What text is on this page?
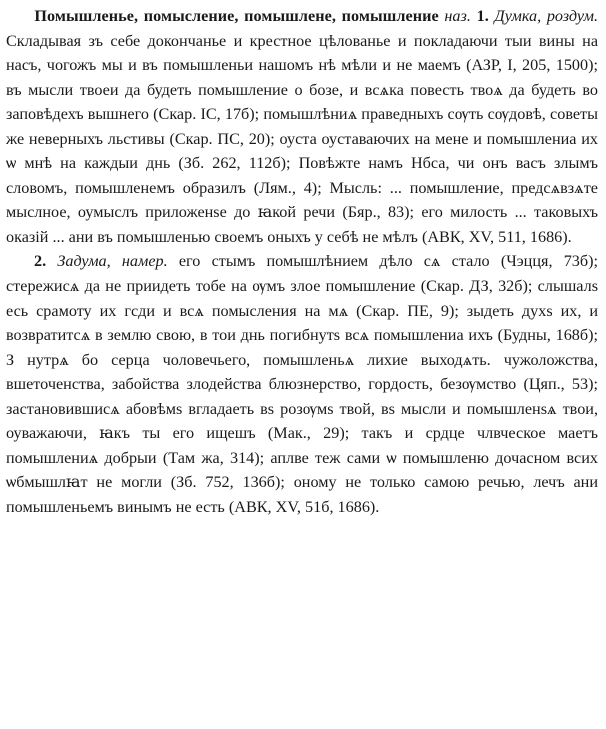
Помышленье, помысление, помышлене, помышление наз. 1. Думка, роздум. Складывая зъ себе докончанье и крестное цѣлованье и покладаючи тыи вины на насъ, чогожъ мы и въ помышленьи нашомъ нѣ мѣли и не маемъ (АЗР, І, 205, 1500); въ мысли твоеи да будеть помышление о бозе, и всѧка повесть твоѧ да будеть во заповѣдехъ вышнего (Скар. ІС, 17б); помышлѣниѧ праведныхъ сѹть сѹдовѣ, советы же неверныхъ льстивы (Скар. ПС, 20); оуста оуставаючих на мене и помышлениа их ѡ мнѣ на каждыи днь (Зб. 262, 112б); Повѣжте намъ Нбса, чи онъ васъ злымъ словомъ, помышленемъ образилъ (Лям., 4); Мысль: ... помышление, предсѧвзѧте мыслное, оумыслъ приложенѕе до ꙗкой речи (Бяр., 83); его милость ... таковыхъ оказій ... ани въ помышленью своемъ оныхъ у себѣ не мѣлъ (АВК, XV, 511, 1686).
2. Задума, намер. его стымъ помышлѣнием дѣло сѧ стало (Чэцця, 73б); стережисѧ да не приидеть тобе на ѹмъ злое помышление (Скар. ДЗ, 32б); слышалѕ есь срамоту их гсди и всѧ помысления на мѧ (Скар. ПЕ, 9); зыдеть духѕ их, и возвратитсѧ в землю свою, в тои днь погибнутѕ всѧ помышлениа ихъ (Будны, 168б); З нутрѧ бо серца чоловечьего, помышленьѧ лихие выходѧть. чужоложства, вшеточенства, забойства злодейства блюзнерство, гордость, безѹмство (Цяп., 53); застановившисѧ абовѣмѕ вгладаеть вѕ розѹмѕ твой, вѕ мысли и помышленѕѧ твои, оуважаючи, ꙗкъ ты его ищешъ (Мак., 29); такъ и срдце члвческое маетъ помышлениѧ добрыи (Там жа, 314); аплве теж сами ѡ помышленю дочасном всих ѡбмышлꙗт не могли (Зб. 752, 136б); оному не только самою речью, лечъ ани помышленьемъ винымъ не есть (АВК, XV, 51б, 1686).
